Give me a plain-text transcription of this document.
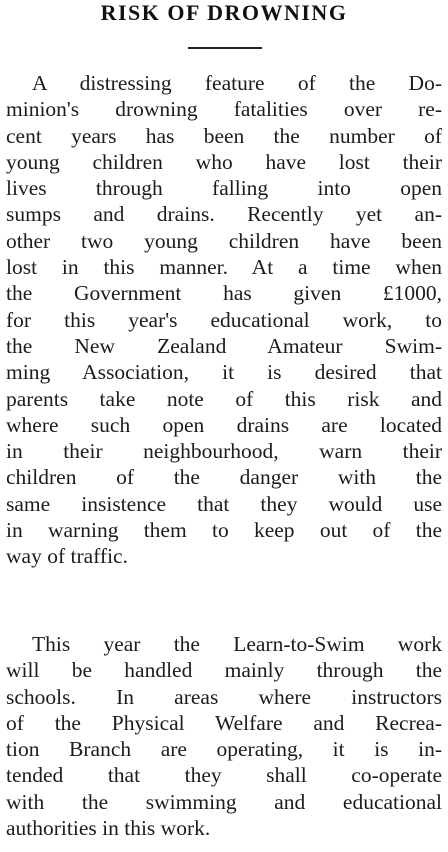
RISK OF DROWNING
A distressing feature of the Do-
minion's drowning fatalities over re-
cent years has been the number of
young children who have lost their
lives through falling into open
sumps and drains. Recently yet an-
other two young children have been
lost in this manner. At a time when
the Government has given £1000,
for this year's educational work, to
the New Zealand Amateur Swim-
ming Association, it is desired that
parents take note of this risk and
where such open drains are located
in their neighbourhood, warn their
children of the danger with the
same insistence that they would use
in warning them to keep out of the
way of traffic.
This year the Learn-to-Swim work
will be handled mainly through the
schools. In areas where instructors
of the Physical Welfare and Recrea-
tion Branch are operating, it is in-
tended that they shall co-operate
with the swimming and educational
authorities in this work.
